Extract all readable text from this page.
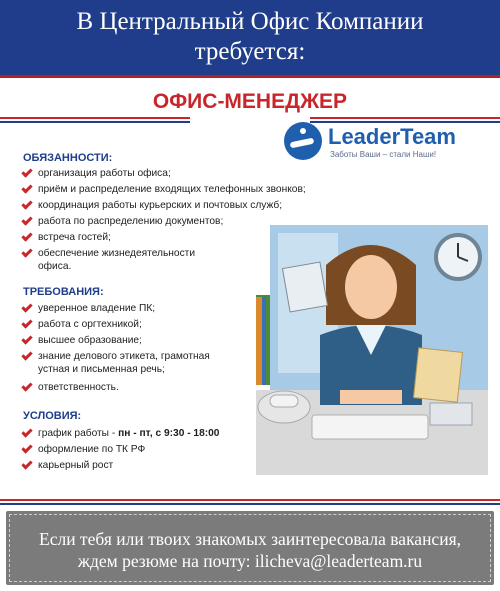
В Центральный Офис Компании
требуется:
ОФИС-МЕНЕДЖЕР
LeaderTeam
Заботы Ваши – стали Наши!
ОБЯЗАННОСТИ:
организация работы офиса;
приём и распределение входящих телефонных звонков;
координация работы курьерских и почтовых служб;
работа по распределению документов;
встреча гостей;
обеспечение жизнедеятельности
офиса.
ТРЕБОВАНИЯ:
уверенное владение ПК;
работа с оргтехникой;
высшее образование;
знание делового этикета, грамотная
устная и письменная речь;
ответственность.
УСЛОВИЯ:
график работы - пн - пт, с 9:30 - 18:00
оформление по ТК РФ
карьерный рост
Если тебя или твоих знакомых заинтересовала вакансия,
ждем резюме на почту: ilicheva@leaderteam.ru
